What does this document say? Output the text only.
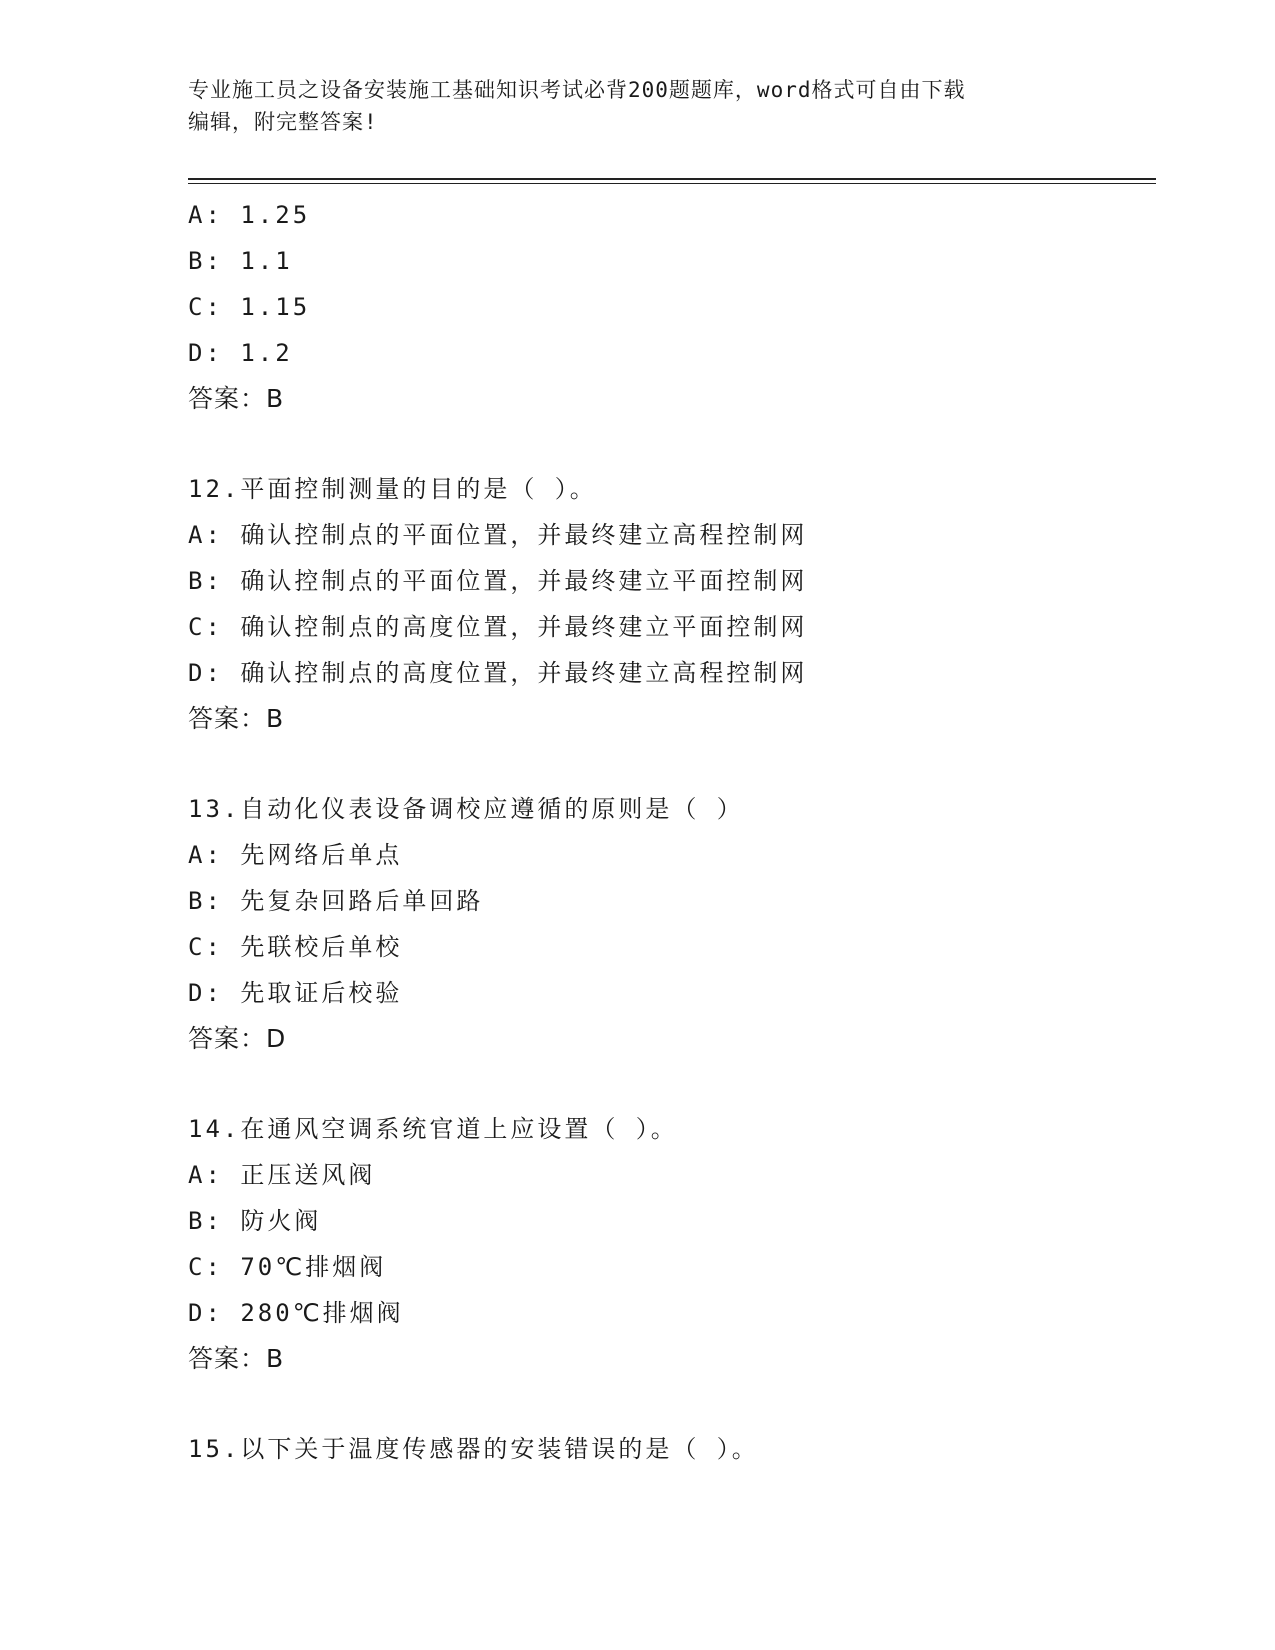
专业施工员之设备安装施工基础知识考试必背200题题库，word格式可自由下载
编辑，附完整答案!
A: 1.25
B: 1.1
C: 1.15
D: 1.2
答案：B
12.平面控制测量的目的是（ ）。
A: 确认控制点的平面位置，并最终建立高程控制网
B: 确认控制点的平面位置，并最终建立平面控制网
C: 确认控制点的高度位置，并最终建立平面控制网
D: 确认控制点的高度位置，并最终建立高程控制网
答案：B
13.自动化仪表设备调校应遵循的原则是（ ）
A: 先网络后单点
B: 先复杂回路后单回路
C: 先联校后单校
D: 先取证后校验
答案：D
14.在通风空调系统官道上应设置（ ）。
A: 正压送风阀
B: 防火阀
C: 70℃排烟阀
D: 280℃排烟阀
答案：B
15.以下关于温度传感器的安装错误的是（ ）。
